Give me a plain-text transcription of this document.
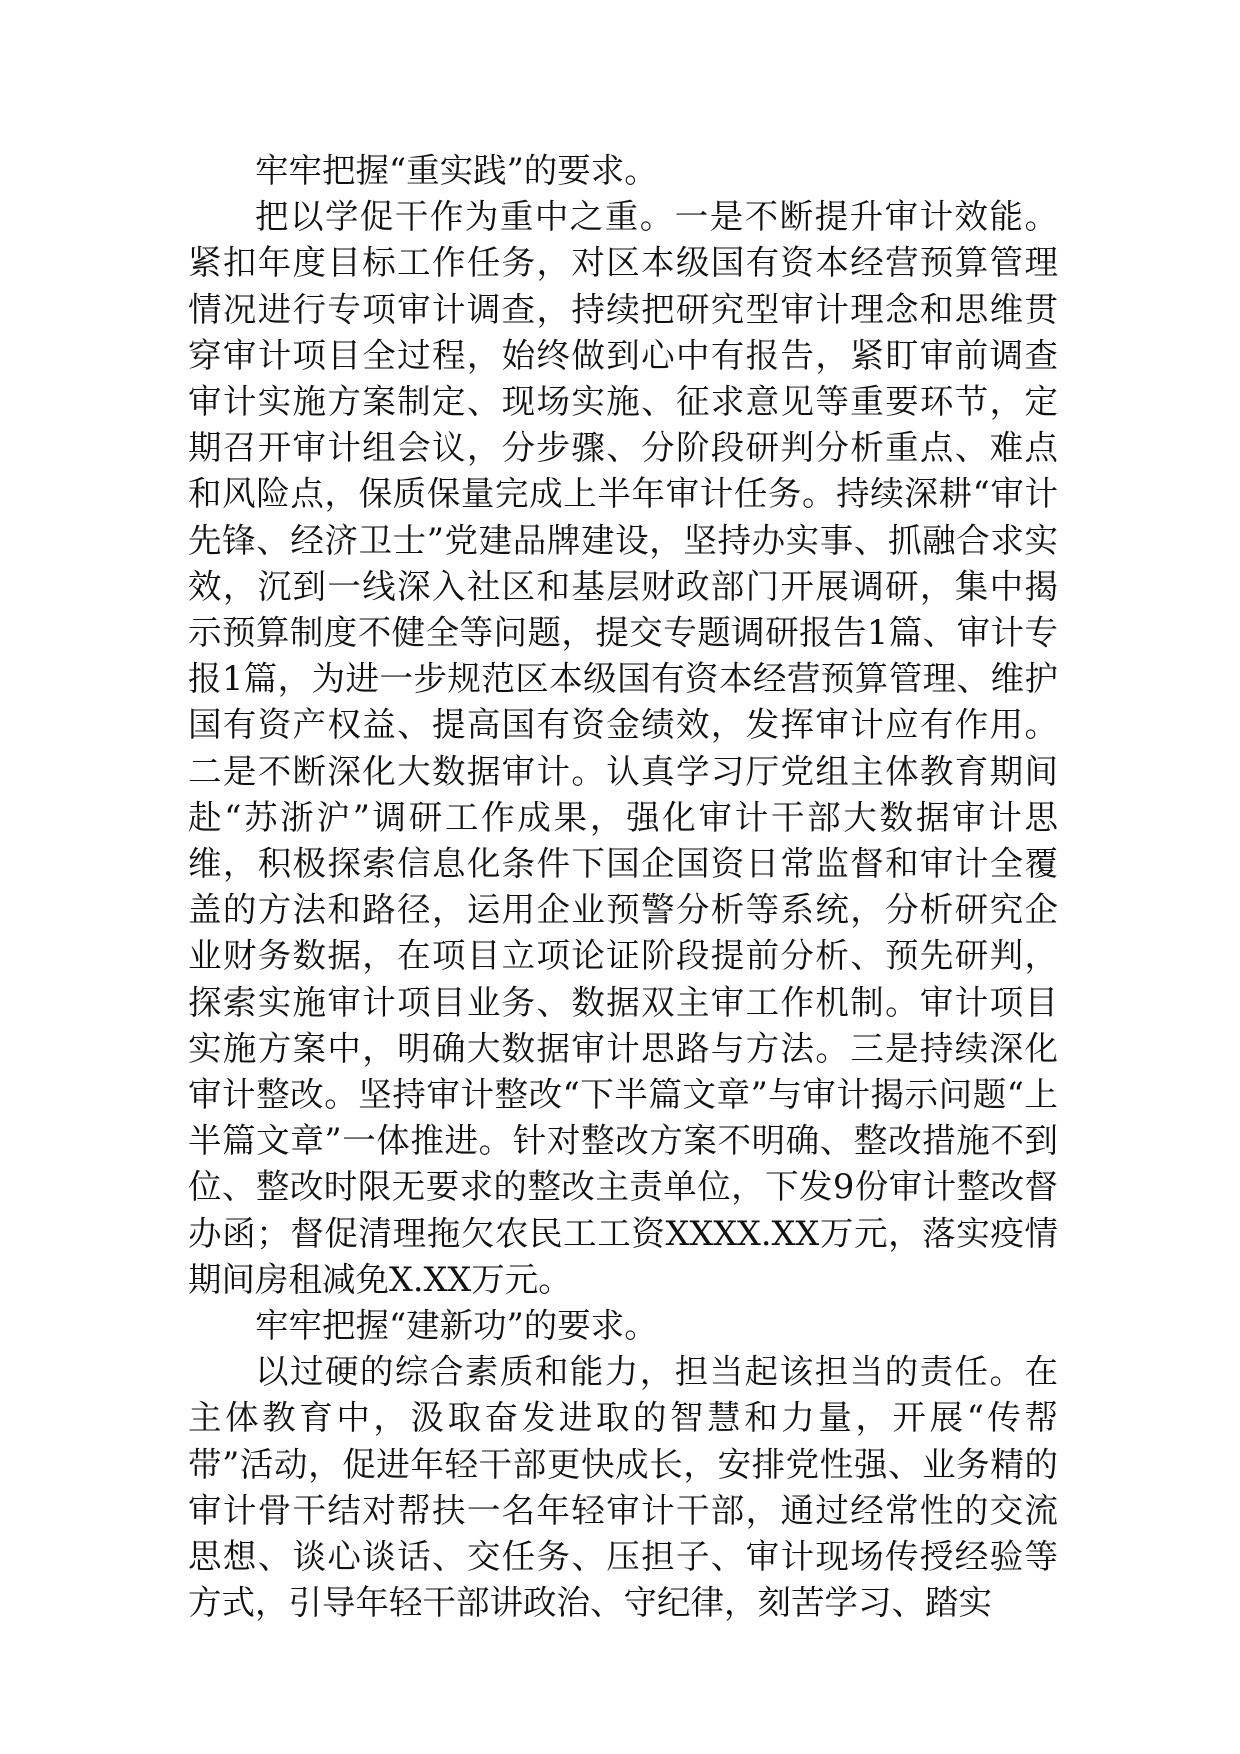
牢牢把握“重实践”的要求。

把以学促干作为重中之重。一是不断提升审计效能。紧扣年度目标工作任务，对区本级国有资本经营预算管理情况进行专项审计调查，持续把研究型审计理念和思维贯穿审计项目全过程，始终做到心中有报告，紧盯审前调查审计实施方案制定、现场实施、征求意见等重要环节，定期召开审计组会议，分步骤、分阶段研判分析重点、难点和风险点，保质保量完成上半年审计任务。持续深耕“审计先锋、经济卫士”党建品牌建设，坚持办实事、抓融合求实效，沉到一线深入社区和基层财政部门开展调研，集中揭示预算制度不健全等问题，提交专题调研报告1篇、审计专报1篇，为进一步规范区本级国有资本经营预算管理、维护国有资产权益、提高国有资金绩效，发挥审计应有作用。二是不断深化大数据审计。认真学习厅党组主体教育期间赴“苏浙沪”调研工作成果，强化审计干部大数据审计思维，积极探索信息化条件下国企国资日常监督和审计全覆盖的方法和路径，运用企业预警分析等系统，分析研究企业财务数据，在项目立项论证阶段提前分析、预先研判，探索实施审计项目业务、数据双主审工作机制。审计项目实施方案中，明确大数据审计思路与方法。三是持续深化审计整改。坚持审计整改“下半篇文章”与审计揭示问题“上半篇文章”一体推进。针对整改方案不明确、整改措施不到位、整改时限无要求的整改主责单位，下发9份审计整改督办函；督促清理拖欠农民工工资XXXX.XX万元，落实疫情期间房租减免X.XX万元。

牢牢把握“建新功”的要求。

以过硬的综合素质和能力，担当起该担当的责任。在主体教育中，汲取奋发进取的智慧和力量，开展“传帮带”活动，促进年轻干部更快成长，安排党性强、业务精的审计骨干结对帮扶一名年轻审计干部，通过经常性的交流思想、谈心谈话、交任务、压担子、审计现场传授经验等方式，引导年轻干部讲政治、守纪律，刻苦学习、踏实
